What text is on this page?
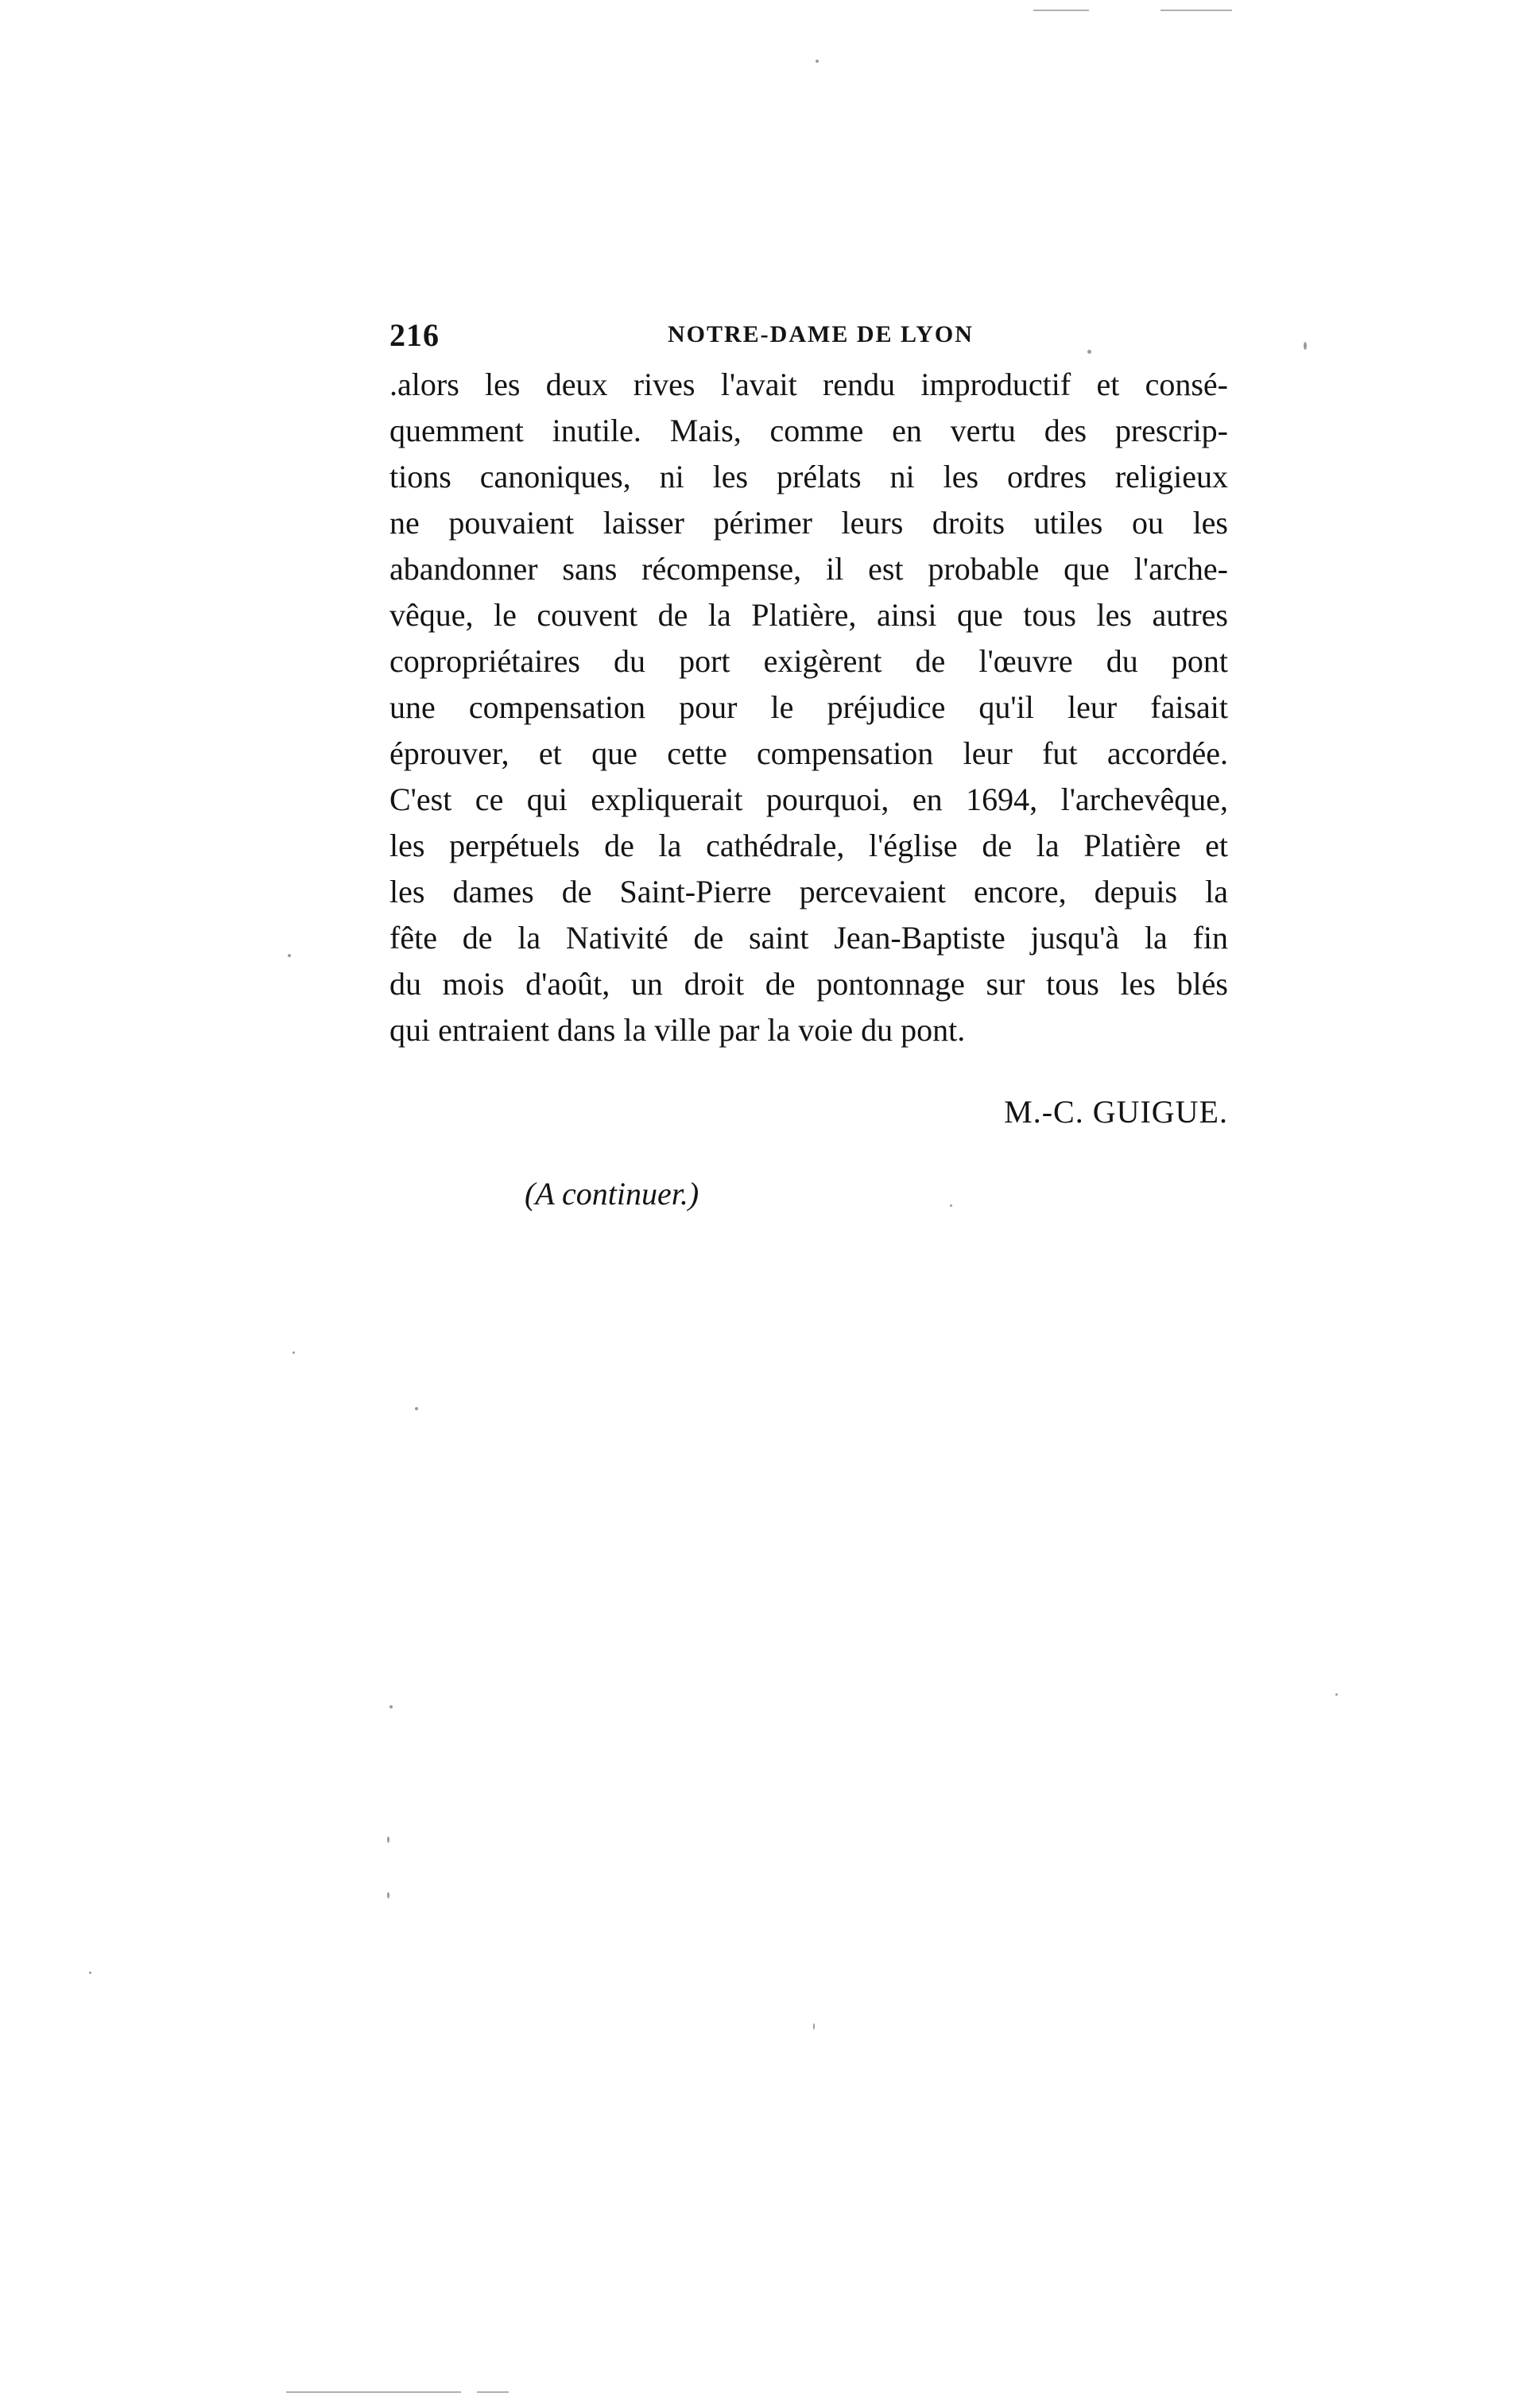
216	NOTRE-DAME DE LYON
.alors les deux rives l'avait rendu improductif et consé-
quemment inutile. Mais, comme en vertu des prescrip-
tions canoniques, ni les prélats ni les ordres religieux
ne pouvaient laisser périmer leurs droits utiles ou les
abandonner sans récompense, il est probable que l'arche-
vêque, le couvent de la Platière, ainsi que tous les autres
copropriétaires du port exigèrent de l'œuvre du pont
une compensation pour le préjudice qu'il leur faisait
éprouver, et que cette compensation leur fut accordée.
C'est ce qui expliquerait pourquoi, en 1694, l'archevêque,
les perpétuels de la cathédrale, l'église de la Platière et
les dames de Saint-Pierre percevaient encore, depuis la
fête de la Nativité de saint Jean-Baptiste jusqu'à la fin
du mois d'août, un droit de pontonnage sur tous les blés
qui entraient dans la ville par la voie du pont.
M.-C. GUIGUE.
(A continuer.)
